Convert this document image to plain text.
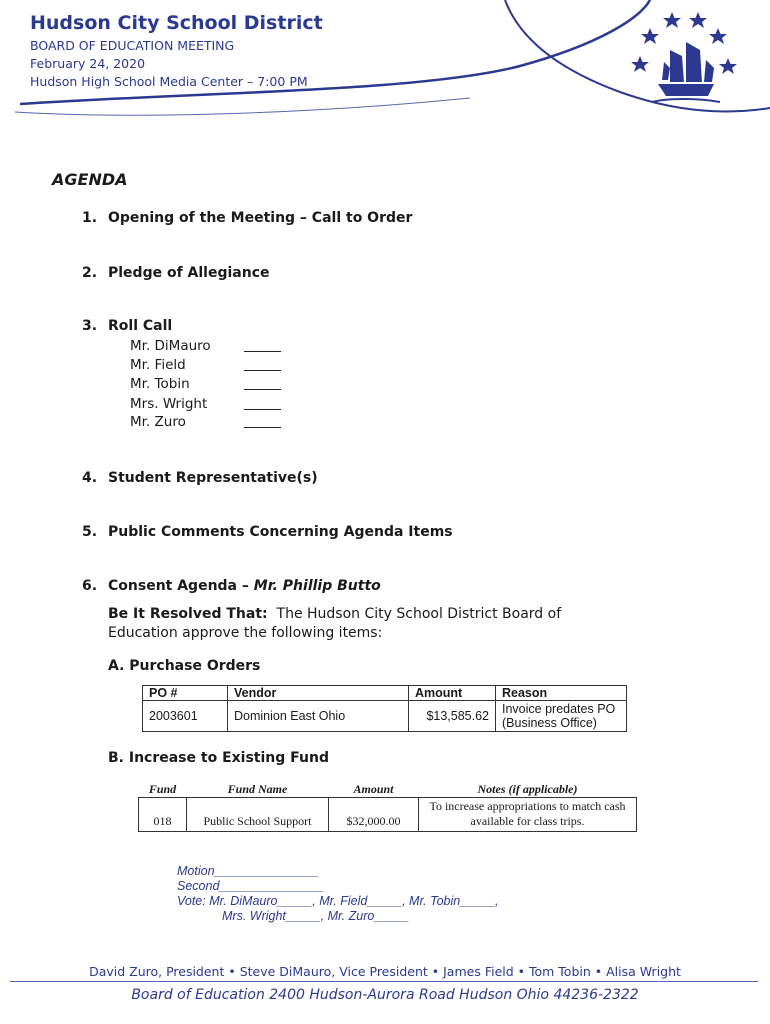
Hudson City School District
BOARD OF EDUCATION MEETING
February 24, 2020
Hudson High School Media Center – 7:00 PM
AGENDA
1. Opening of the Meeting – Call to Order
2. Pledge of Allegiance
3. Roll Call
Mr. DiMauro
Mr. Field
Mr. Tobin
Mrs. Wright
Mr. Zuro
4. Student Representative(s)
5. Public Comments Concerning Agenda Items
6. Consent Agenda – Mr. Phillip Butto
Be It Resolved That: The Hudson City School District Board of Education approve the following items:
A. Purchase Orders
PO #	Vendor	Amount	Reason
2003601	Dominion East Ohio	$13,585.62	Invoice predates PO (Business Office)
B. Increase to Existing Fund
Fund	Fund Name	Amount	Notes (if applicable)
018	Public School Support	$32,000.00	To increase appropriations to match cash available for class trips.
Motion_______________
Second_______________
Vote: Mr. DiMauro_____, Mr. Field_____, Mr. Tobin_____,
Mrs. Wright_____, Mr. Zuro_____
David Zuro, President • Steve DiMauro, Vice President • James Field • Tom Tobin • Alisa Wright
Board of Education 2400 Hudson-Aurora Road Hudson Ohio 44236-2322
